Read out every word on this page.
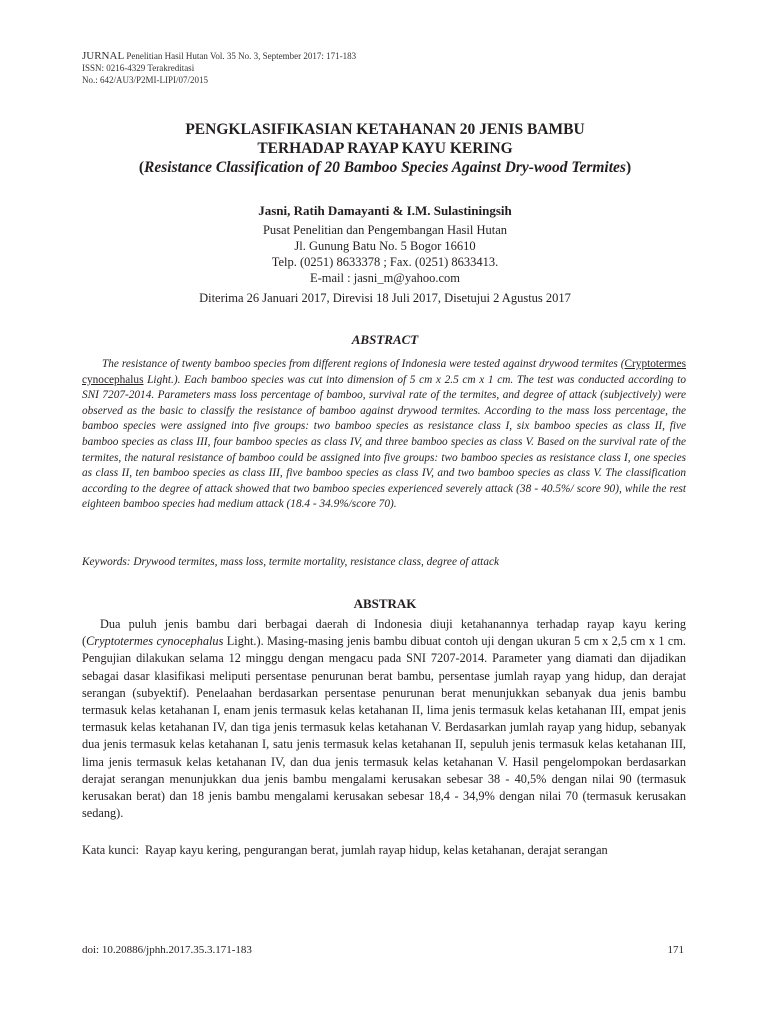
JURNAL Penelitian Hasil Hutan Vol. 35 No. 3, September 2017: 171-183
ISSN: 0216-4329 Terakreditasi
No.: 642/AU3/P2MI-LIPI/07/2015
PENGKLASIFIKASIAN KETAHANAN 20 JENIS BAMBU
TERHADAP RAYAP KAYU KERING
(Resistance Classification of 20 Bamboo Species Against Dry-wood Termites)
Jasni, Ratih Damayanti & I.M. Sulastiningsih
Pusat Penelitian dan Pengembangan Hasil Hutan
Jl. Gunung Batu No. 5 Bogor 16610
Telp. (0251) 8633378 ; Fax. (0251) 8633413.
E-mail : jasni_m@yahoo.com
Diterima 26 Januari 2017, Direvisi 18 Juli 2017, Disetujui 2 Agustus 2017
ABSTRACT

The resistance of twenty bamboo species from different regions of Indonesia were tested against drywood termites (Cryptotermes cynocephalus Light.). Each bamboo species was cut into dimension of 5 cm x 2.5 cm x 1 cm. The test was conducted according to SNI 7207-2014. Parameters mass loss percentage of bamboo, survival rate of the termites, and degree of attack (subjectively) were observed as the basic to classify the resistance of bamboo against drywood termites. According to the mass loss percentage, the bamboo species were assigned into five groups: two bamboo species as resistance class I, six bamboo species as class II, five bamboo species as class III, four bamboo species as class IV, and three bamboo species as class V. Based on the survival rate of the termites, the natural resistance of bamboo could be assigned into five groups: two bamboo species as resistance class I, one species as class II, ten bamboo species as class III, five bamboo species as class IV, and two bamboo species as class V. The classification according to the degree of attack showed that two bamboo species experienced severely attack (38 - 40.5%/ score 90), while the rest eighteen bamboo species had medium attack (18.4 - 34.9%/score 70).

Keywords: Drywood termites, mass loss, termite mortality, resistance class, degree of attack
ABSTRAK

Dua puluh jenis bambu dari berbagai daerah di Indonesia diuji ketahanannya terhadap rayap kayu kering (Cryptotermes cynocephalus Light.). Masing-masing jenis bambu dibuat contoh uji dengan ukuran 5 cm x 2,5 cm x 1 cm. Pengujian dilakukan selama 12 minggu dengan mengacu pada SNI 7207-2014. Parameter yang diamati dan dijadikan sebagai dasar klasifikasi meliputi persentase penurunan berat bambu, persentase jumlah rayap yang hidup, dan derajat serangan (subyektif). Penelaahan berdasarkan persentase penurunan berat menunjukkan sebanyak dua jenis bambu termasuk kelas ketahanan I, enam jenis termasuk kelas ketahanan II, lima jenis termasuk kelas ketahanan III, empat jenis termasuk kelas ketahanan IV, dan tiga jenis termasuk kelas ketahanan V. Berdasarkan jumlah rayap yang hidup, sebanyak dua jenis termasuk kelas ketahanan I, satu jenis termasuk kelas ketahanan II, sepuluh jenis termasuk kelas ketahanan III, lima jenis termasuk kelas ketahanan IV, dan dua jenis termasuk kelas ketahanan V. Hasil pengelompokan berdasarkan derajat serangan menunjukkan dua jenis bambu mengalami kerusakan sebesar 38 - 40,5% dengan nilai 90 (termasuk kerusakan berat) dan 18 jenis bambu mengalami kerusakan sebesar 18,4 - 34,9% dengan nilai 70 (termasuk kerusakan sedang).

Kata kunci: Rayap kayu kering, pengurangan berat, jumlah rayap hidup, kelas ketahanan, derajat serangan
doi: 10.20886/jphh.2017.35.3.171-183	171
